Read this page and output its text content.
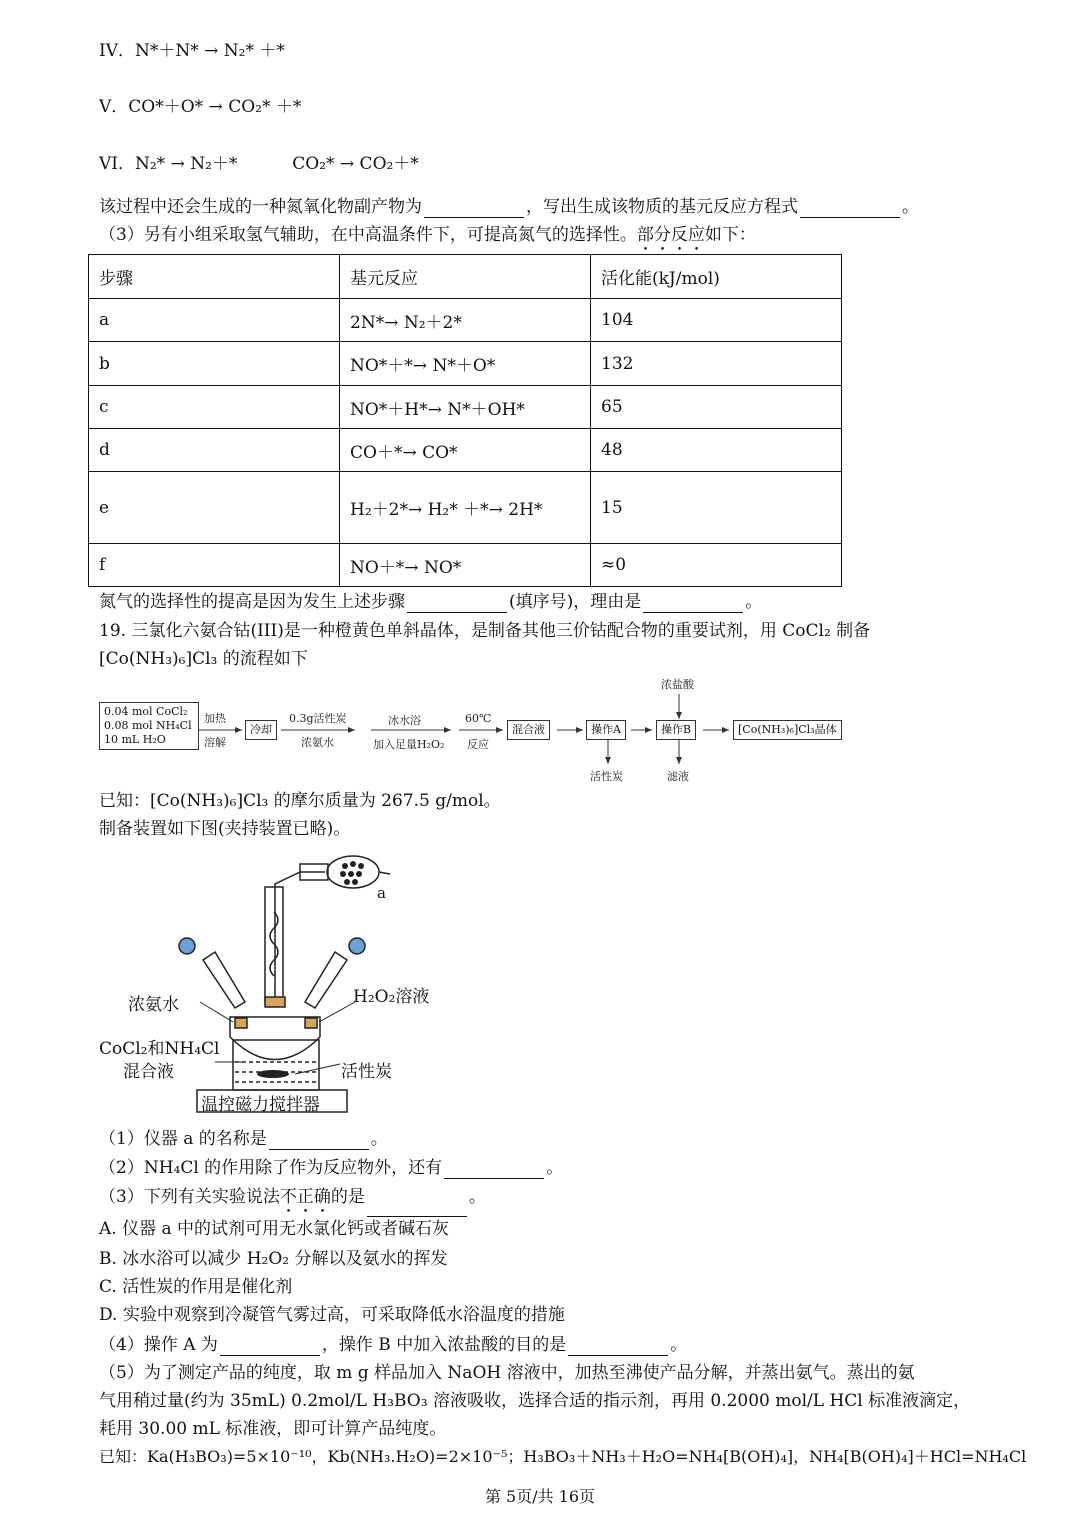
IV．N*＋N* → N₂* ＋*
V．CO*＋O* → CO₂* ＋*
VI．N₂* → N₂＋*	CO₂* → CO₂＋*
该过程中还会生成的一种氮氧化物副产物为	，写出生成该物质的基元反应方程式	。
（3）另有小组采取氢气辅助，在中高温条件下，可提高氮气的选择性。部分反应如下：
步骤	基元反应	活化能(kJ/mol)
a	2N*→ N₂＋2*	104
b	NO*＋*→ N*＋O*	132
c	NO*＋H*→ N*＋OH*	65
d	CO＋*→ CO*	48
e	H₂＋2*→ H₂* ＋*→ 2H*	15
f	NO＋*→ NO*	≈0
氮气的选择性的提高是因为发生上述步骤	(填序号)，理由是	。
19. 三氯化六氨合钴(III)是一种橙黄色单斜晶体，是制备其他三价钴配合物的重要试剂，用 CoCl₂ 制备
[Co(NH₃)₆]Cl₃ 的流程如下
0.04 mol CoCl₂
0.08 mol NH₄Cl
10 mL H₂O
加热
溶解
冷却
0.3g活性炭
浓氨水
冰水浴
加入足量H₂O₂
60℃
反应
混合液	操作A	操作B	[Co(NH₃)₆]Cl₃晶体
浓盐酸
活性炭	滤液
已知：[Co(NH₃)₆]Cl₃ 的摩尔质量为 267.5 g/mol。
制备装置如下图(夹持装置已略)。
a
浓氨水	H₂O₂溶液
CoCl₂和NH₄Cl
混合液	活性炭
温控磁力搅拌器
（1）仪器 a 的名称是	。
（2）NH₄Cl 的作用除了作为反应物外，还有	。
（3）下列有关实验说法不正确的是	。
A. 仪器 a 中的试剂可用无水氯化钙或者碱石灰
B. 冰水浴可以减少 H₂O₂ 分解以及氨水的挥发
C. 活性炭的作用是催化剂
D. 实验中观察到冷凝管气雾过高，可采取降低水浴温度的措施
（4）操作 A 为	，操作 B 中加入浓盐酸的目的是	。
（5）为了测定产品的纯度，取 m g 样品加入 NaOH 溶液中，加热至沸使产品分解，并蒸出氨气。蒸出的氨
气用稍过量(约为 35mL) 0.2mol/L H₃BO₃ 溶液吸收，选择合适的指示剂，再用 0.2000 mol/L HCl 标准液滴定，
耗用 30.00 mL 标准液，即可计算产品纯度。
已知：Ka(H₃BO₃)=5×10⁻¹⁰，Kb(NH₃.H₂O)=2×10⁻⁵；H₃BO₃＋NH₃＋H₂O=NH₄[B(OH)₄]，NH₄[B(OH)₄]＋HCl=NH₄Cl
第 5页/共 16页
